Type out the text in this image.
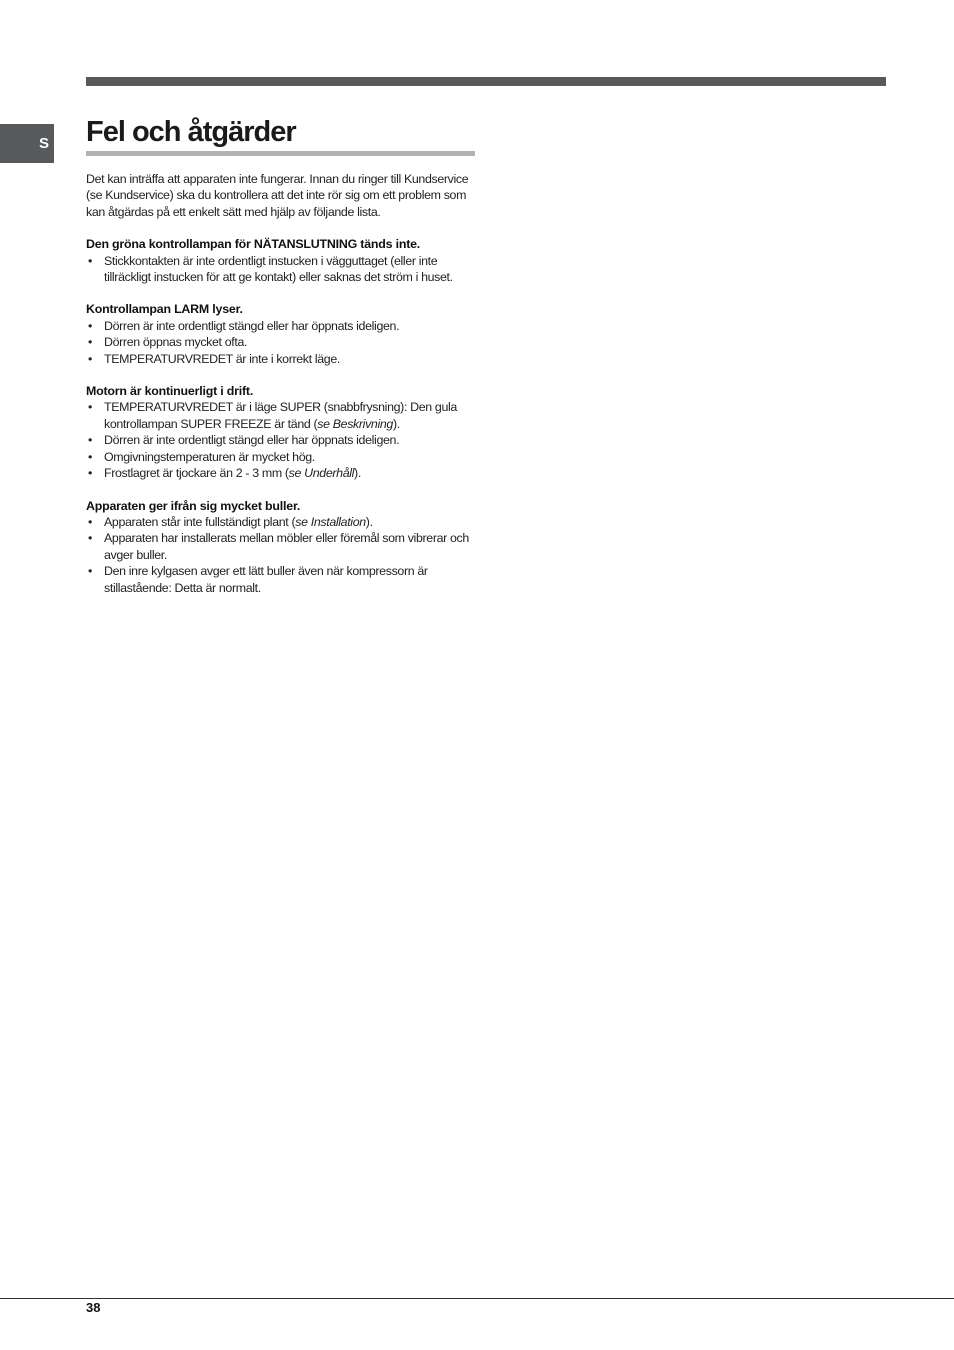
S Fel och åtgärder

Det kan inträffa att apparaten inte fungerar. Innan du ringer till Kundservice (se Kundservice) ska du kontrollera att det inte rör sig om ett problem som kan åtgärdas på ett enkelt sätt med hjälp av följande lista.

Den gröna kontrollampan för NÄTANSLUTNING tänds inte.
• Stickkontakten är inte ordentligt instucken i vägguttaget (eller inte tillräckligt instucken för att ge kontakt) eller saknas det ström i huset.
Kontrollampan LARM lyser.
• Dörren är inte ordentligt stängd eller har öppnats ideligen.
• Dörren öppnas mycket ofta.
• TEMPERATURVREDET är inte i korrekt läge.
Motorn är kontinuerligt i drift.
• TEMPERATURVREDET är i läge SUPER (snabbfrysning): Den gula kontrollampan SUPER FREEZE är tänd (se Beskrivning).
• Dörren är inte ordentligt stängd eller har öppnats ideligen.
• Omgivningstemperaturen är mycket hög.
• Frostlagret är tjockare än 2 - 3 mm (se Underhåll).
Apparaten ger ifrån sig mycket buller.
• Apparaten står inte fullständigt plant (se Installation).
• Apparaten har installerats mellan möbler eller föremål som vibrerar och avger buller.
• Den inre kylgasen avger ett lätt buller även när kompressorn är stillastående: Detta är normalt.
38
